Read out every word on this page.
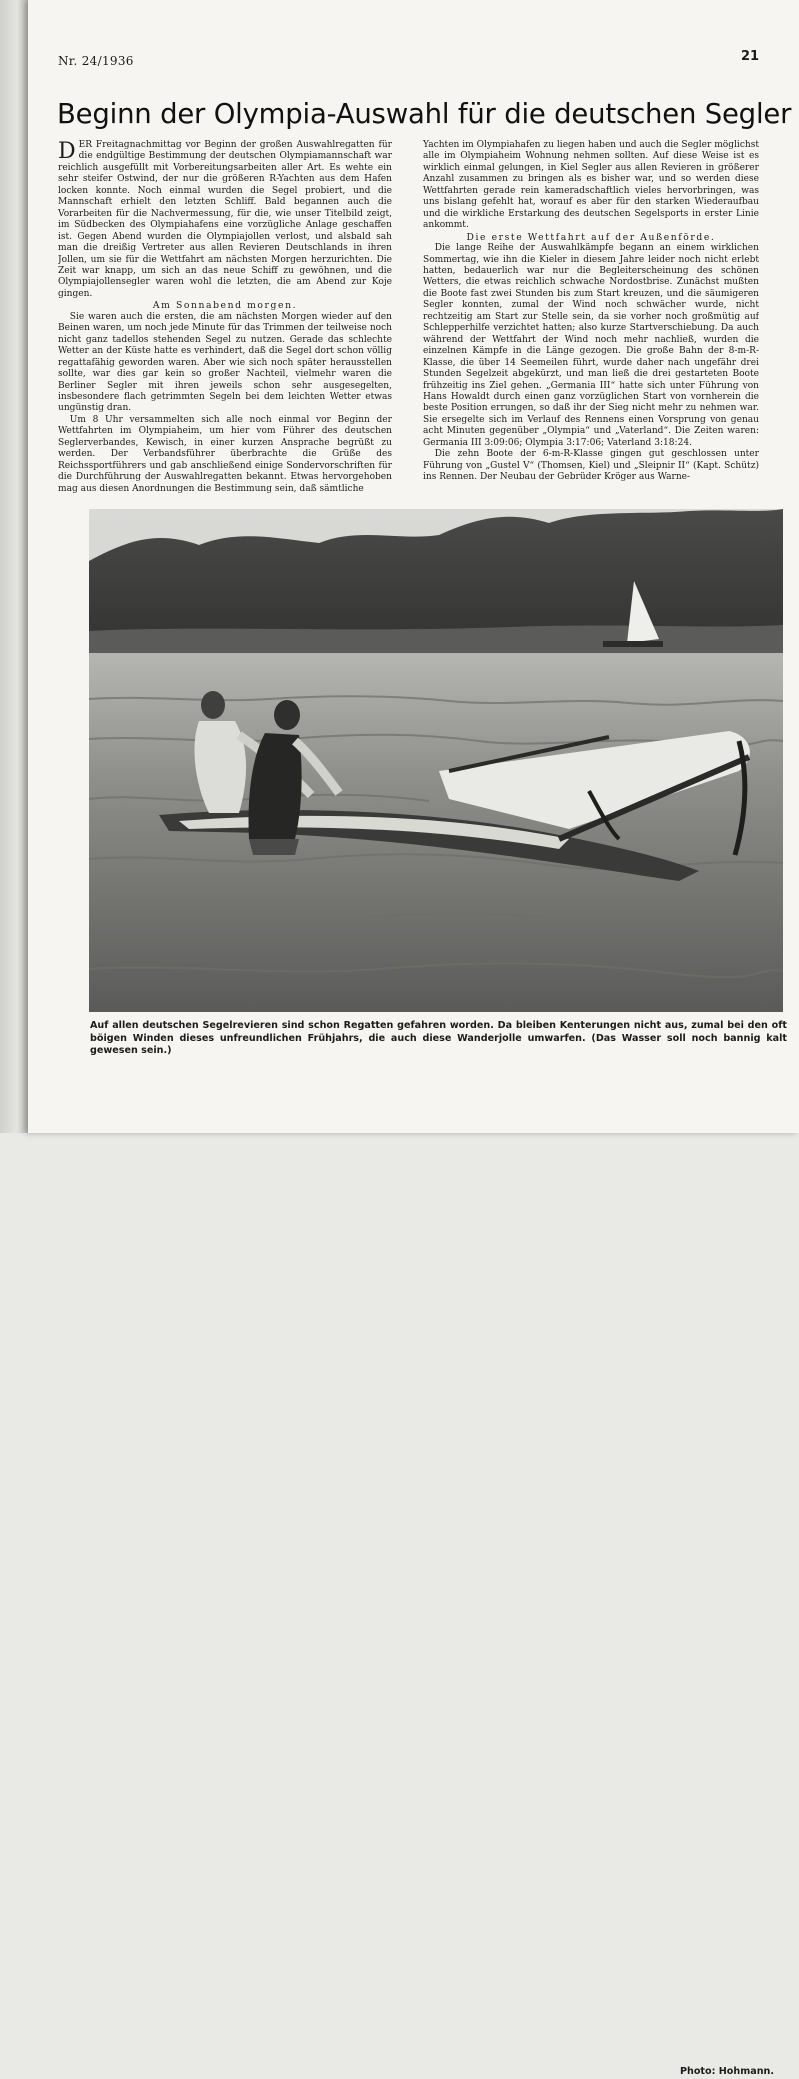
Nr. 24/1936	21
Beginn der Olympia-Auswahl für die deutschen Segler

DER Freitagnachmittag vor Beginn der großen Auswahlregatten für die endgültige Bestimmung der deutschen Olympiamannschaft war reichlich ausgefüllt mit Vorbereitungsarbeiten aller Art. Es wehte ein sehr steifer Ostwind, der nur die größeren R-Yachten aus dem Hafen locken konnte. Noch einmal wurden die Segel probiert, und die Mannschaft erhielt den letzten Schliff. Bald begannen auch die Vorarbeiten für die Nachvermessung, für die, wie unser Titelbild zeigt, im Südbecken des Olympiahafens eine vorzügliche Anlage geschaffen ist. Gegen Abend wurden die Olympiajollen verlost, und alsbald sah man die dreißig Vertreter aus allen Revieren Deutschlands in ihren Jollen, um sie für die Wettfahrt am nächsten Morgen herzurichten. Die Zeit war knapp, um sich an das neue Schiff zu gewöhnen, und die Olympiajollensegler waren wohl die letzten, die am Abend zur Koje gingen.

Am Sonnabend morgen.

Sie waren auch die ersten, die am nächsten Morgen wieder auf den Beinen waren, um noch jede Minute für das Trimmen der teilweise noch nicht ganz tadellos stehenden Segel zu nutzen. Gerade das schlechte Wetter an der Küste hatte es verhindert, daß die Segel dort schon völlig regattafähig geworden waren. Aber wie sich noch später herausstellen sollte, war dies gar kein so großer Nachteil, vielmehr waren die Berliner Segler mit ihren jeweils schon sehr ausgesegelten, insbesondere flach getrimmten Segeln bei dem leichten Wetter etwas ungünstig dran.

Um 8 Uhr versammelten sich alle noch einmal vor Beginn der Wettfahrten im Olympiaheim, um hier vom Führer des deutschen Seglerverbandes, Kewisch, in einer kurzen Ansprache begrüßt zu werden. Der Verbandsführer überbrachte die Grüße des Reichssportführers und gab anschließend einige Sondervorschriften für die Durchführung der Auswahlregatten bekannt. Etwas hervorgehoben mag aus diesen Anordnungen die Bestimmung sein, daß sämtliche

Yachten im Olympiahafen zu liegen haben und auch die Segler möglichst alle im Olympiaheim Wohnung nehmen sollten. Auf diese Weise ist es wirklich einmal gelungen, in Kiel Segler aus allen Revieren in größerer Anzahl zusammen zu bringen als es bisher war, und so werden diese Wettfahrten gerade rein kameradschaftlich vieles hervorbringen, was uns bislang gefehlt hat, worauf es aber für den starken Wiederaufbau und die wirkliche Erstarkung des deutschen Segelsports in erster Linie ankommt.

Die erste Wettfahrt auf der Außenförde.

Die lange Reihe der Auswahlkämpfe begann an einem wirklichen Sommertag, wie ihn die Kieler in diesem Jahre leider noch nicht erlebt hatten, bedauerlich war nur die Begleiterscheinung des schönen Wetters, die etwas reichlich schwache Nordostbrise. Zunächst mußten die Boote fast zwei Stunden bis zum Start kreuzen, und die säumigeren Segler konnten, zumal der Wind noch schwächer wurde, nicht rechtzeitig am Start zur Stelle sein, da sie vorher noch großmütig auf Schlepperhilfe verzichtet hatten; also kurze Startverschiebung. Da auch während der Wettfahrt der Wind noch mehr nachließ, wurden die einzelnen Kämpfe in die Länge gezogen. Die große Bahn der 8-m-R-Klasse, die über 14 Seemeilen führt, wurde daher nach ungefähr drei Stunden Segelzeit abgekürzt, und man ließ die drei gestarteten Boote frühzeitig ins Ziel gehen. „Germania III“ hatte sich unter Führung von Hans Howaldt durch einen ganz vorzüglichen Start von vornherein die beste Position errungen, so daß ihr der Sieg nicht mehr zu nehmen war. Sie ersegelte sich im Verlauf des Rennens einen Vorsprung von genau acht Minuten gegenüber „Olympia“ und „Vaterland“. Die Zeiten waren: Germania III 3:09:06; Olympia 3:17:06; Vaterland 3:18:24.

Die zehn Boote der 6-m-R-Klasse gingen gut geschlossen unter Führung von „Gustel V“ (Thomsen, Kiel) und „Sleipnir II“ (Kapt. Schütz) ins Rennen. Der Neubau der Gebrüder Kröger aus Warne-

Auf allen deutschen Segelrevieren sind schon Regatten gefahren worden. Da bleiben Kenterungen nicht aus, zumal bei den oft böigen Winden dieses unfreundlichen Frühjahrs, die auch diese Wanderjolle umwarfen. (Das Wasser soll noch bannig kalt gewesen sein.)
Photo: Hohmann.
